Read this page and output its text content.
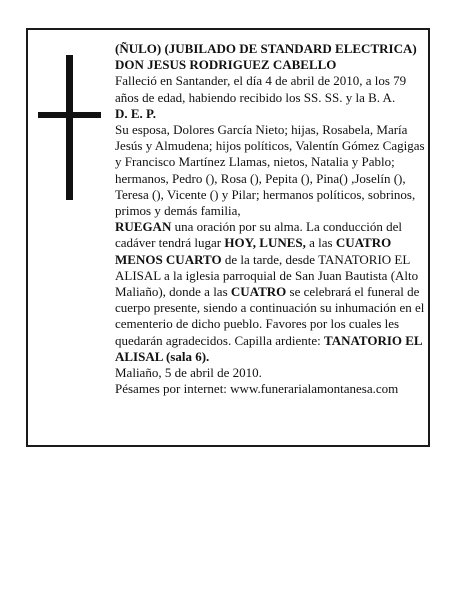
(ÑULO) (JUBILADO DE STANDARD ELECTRICA)

DON JESUS RODRIGUEZ CABELLO

Falleció en Santander, el día 4 de abril de 2010, a los 79 años de edad, habiendo recibido los SS. SS. y la B. A.

D. E. P.

Su esposa, Dolores García Nieto; hijas, Rosabela, María Jesús y Almudena; hijos políticos, Valentín Gómez Cagigas y Francisco Martínez Llamas, nietos, Natalia y Pablo; hermanos, Pedro (), Rosa (), Pepita (), Pina() ,Joselín (), Teresa (), Vicente () y Pilar; hermanos políticos, sobrinos, primos y demás familia,

RUEGAN una oración por su alma. La conducción del cadáver tendrá lugar HOY, LUNES, a las CUATRO MENOS CUARTO de la tarde, desde TANATORIO EL ALISAL a la iglesia parroquial de San Juan Bautista (Alto Maliaño), donde a las CUATRO se celebrará el funeral de cuerpo presente, siendo a continuación su inhumación en el cementerio de dicho pueblo. Favores por los cuales les quedarán agradecidos. Capilla ardiente: TANATORIO EL ALISAL (sala 6).

Maliaño, 5 de abril de 2010.

Pésames por internet: www.funerarialamontanesa.com
